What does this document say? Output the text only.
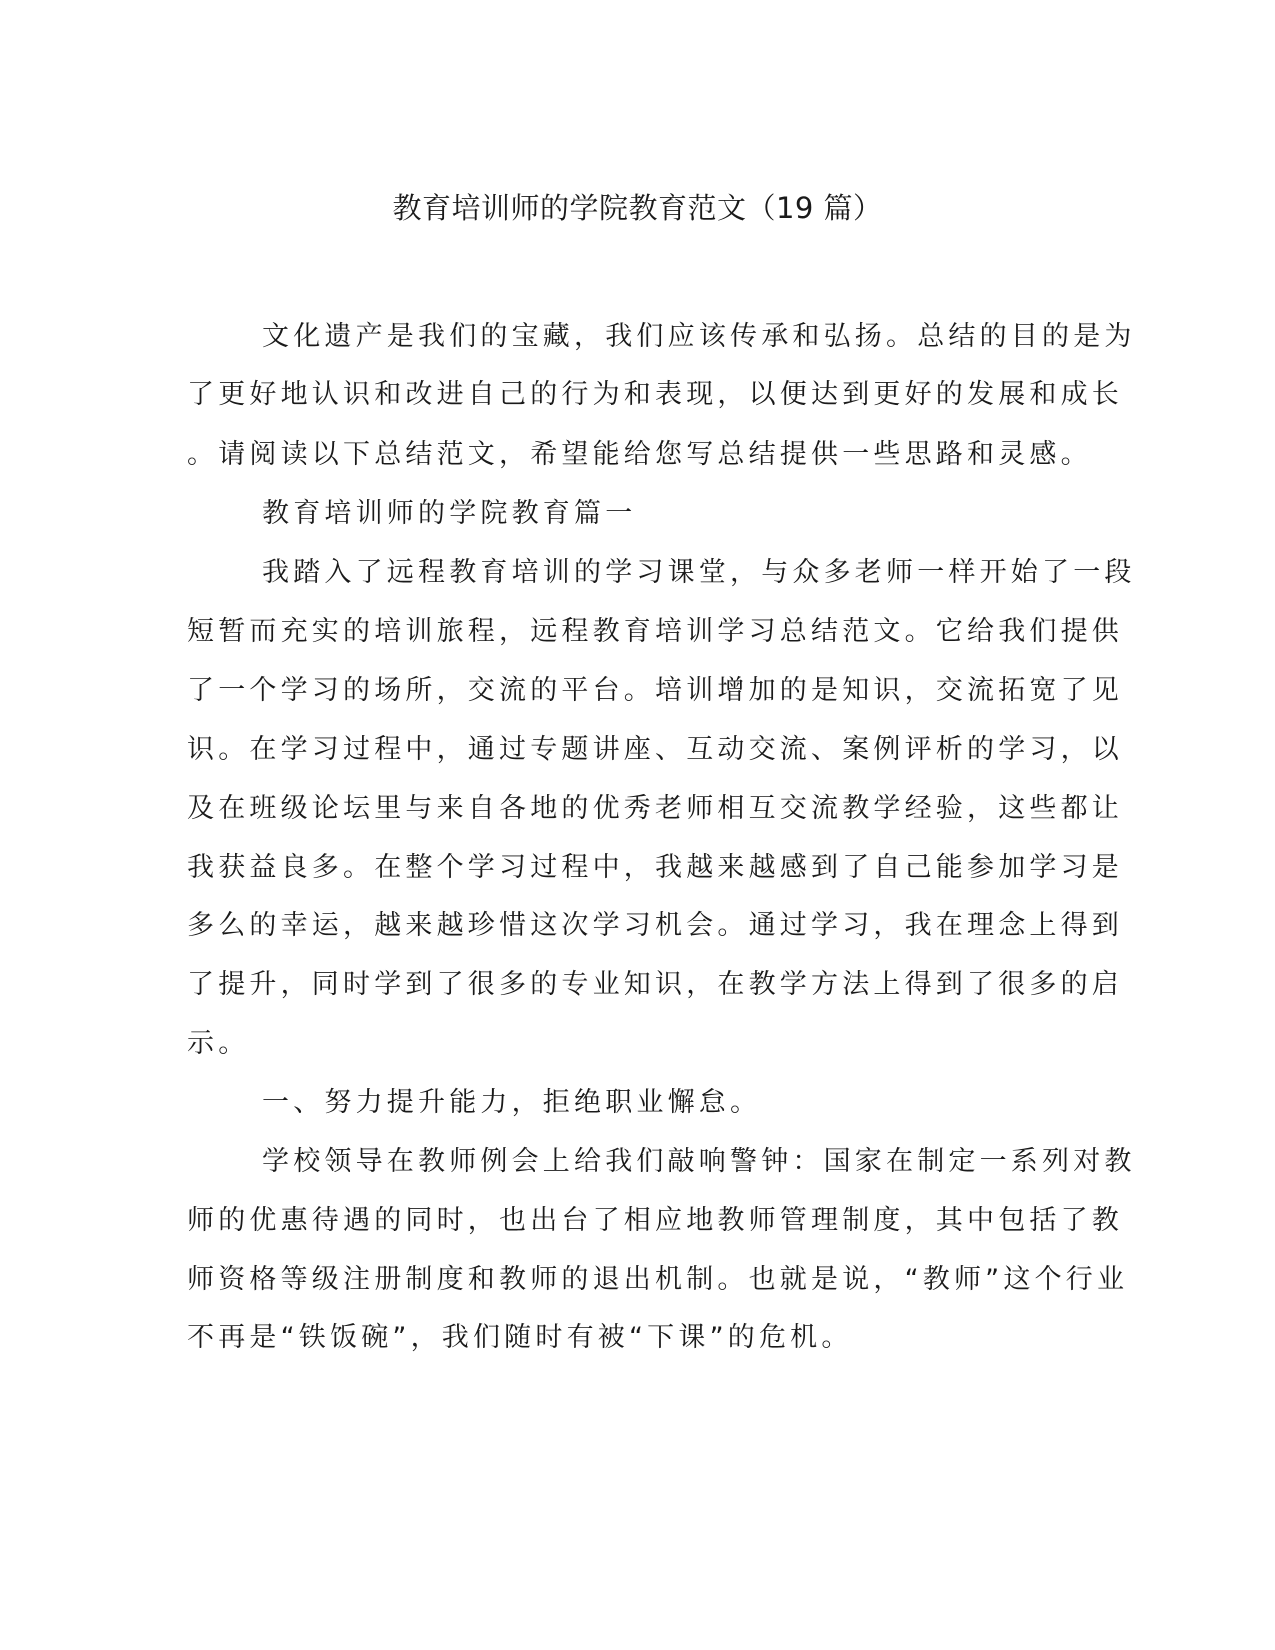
教育培训师的学院教育范文（19 篇）
文化遗产是我们的宝藏，我们应该传承和弘扬。总结的目的是为
了更好地认识和改进自己的行为和表现，以便达到更好的发展和成长
。请阅读以下总结范文，希望能给您写总结提供一些思路和灵感。
教育培训师的学院教育篇一
我踏入了远程教育培训的学习课堂，与众多老师一样开始了一段
短暂而充实的培训旅程，远程教育培训学习总结范文。它给我们提供
了一个学习的场所，交流的平台。培训增加的是知识，交流拓宽了见
识。在学习过程中，通过专题讲座、互动交流、案例评析的学习，以
及在班级论坛里与来自各地的优秀老师相互交流教学经验，这些都让
我获益良多。在整个学习过程中，我越来越感到了自己能参加学习是
多么的幸运，越来越珍惜这次学习机会。通过学习，我在理念上得到
了提升，同时学到了很多的专业知识，在教学方法上得到了很多的启
示。
一、努力提升能力，拒绝职业懈怠。
学校领导在教师例会上给我们敲响警钟：国家在制定一系列对教
师的优惠待遇的同时，也出台了相应地教师管理制度，其中包括了教
师资格等级注册制度和教师的退出机制。也就是说，“教师”这个行业
不再是“铁饭碗”，我们随时有被“下课”的危机。
